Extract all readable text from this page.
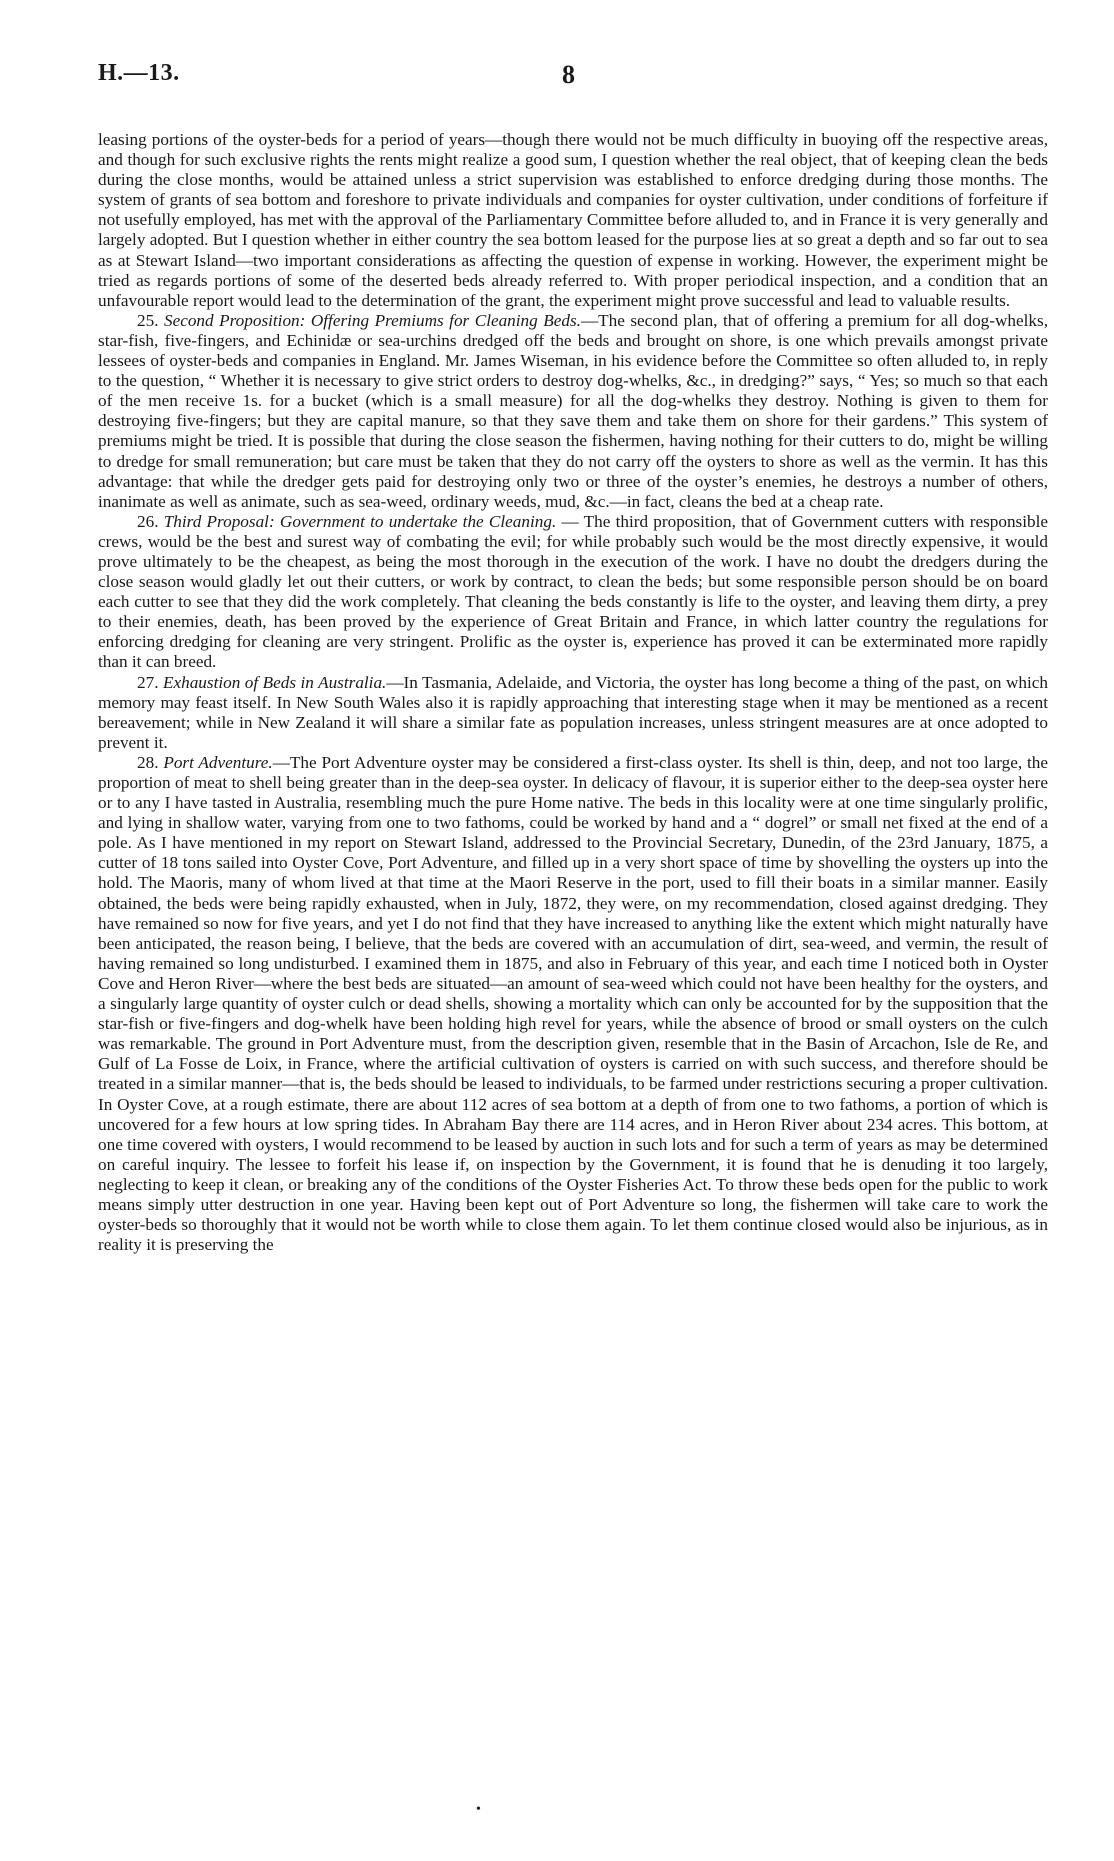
H.—13.	8

leasing portions of the oyster-beds for a period of years—though there would not be much difficulty in buoying off the respective areas, and though for such exclusive rights the rents might realize a good sum, I question whether the real object, that of keeping clean the beds during the close months, would be attained unless a strict supervision was established to enforce dredging during those months. The system of grants of sea bottom and foreshore to private individuals and companies for oyster cultivation, under conditions of forfeiture if not usefully employed, has met with the approval of the Parliamentary Committee before alluded to, and in France it is very generally and largely adopted. But I question whether in either country the sea bottom leased for the purpose lies at so great a depth and so far out to sea as at Stewart Island—two important considerations as affecting the question of expense in working. However, the experiment might be tried as regards portions of some of the deserted beds already referred to. With proper periodical inspection, and a condition that an unfavourable report would lead to the determination of the grant, the experiment might prove successful and lead to valuable results.

25. Second Proposition: Offering Premiums for Cleaning Beds.—The second plan, that of offering a premium for all dog-whelks, star-fish, five-fingers, and Echinidæ or sea-urchins dredged off the beds and brought on shore, is one which prevails amongst private lessees of oyster-beds and companies in England. Mr. James Wiseman, in his evidence before the Committee so often alluded to, in reply to the question, “ Whether it is necessary to give strict orders to destroy dog-whelks, &c., in dredging?” says, “ Yes; so much so that each of the men receive 1s. for a bucket (which is a small measure) for all the dog-whelks they destroy. Nothing is given to them for destroying five-fingers; but they are capital manure, so that they save them and take them on shore for their gardens.” This system of premiums might be tried. It is possible that during the close season the fishermen, having nothing for their cutters to do, might be willing to dredge for small remuneration; but care must be taken that they do not carry off the oysters to shore as well as the vermin. It has this advantage: that while the dredger gets paid for destroying only two or three of the oyster’s enemies, he destroys a number of others, inanimate as well as animate, such as sea-weed, ordinary weeds, mud, &c.—in fact, cleans the bed at a cheap rate.

26. Third Proposal: Government to undertake the Cleaning. — The third proposition, that of Government cutters with responsible crews, would be the best and surest way of combating the evil; for while probably such would be the most directly expensive, it would prove ultimately to be the cheapest, as being the most thorough in the execution of the work. I have no doubt the dredgers during the close season would gladly let out their cutters, or work by contract, to clean the beds; but some responsible person should be on board each cutter to see that they did the work completely. That cleaning the beds constantly is life to the oyster, and leaving them dirty, a prey to their enemies, death, has been proved by the experience of Great Britain and France, in which latter country the regulations for enforcing dredging for cleaning are very stringent. Prolific as the oyster is, experience has proved it can be exterminated more rapidly than it can breed.

27. Exhaustion of Beds in Australia.—In Tasmania, Adelaide, and Victoria, the oyster has long become a thing of the past, on which memory may feast itself. In New South Wales also it is rapidly approaching that interesting stage when it may be mentioned as a recent bereavement; while in New Zealand it will share a similar fate as population increases, unless stringent measures are at once adopted to prevent it.

28. Port Adventure.—The Port Adventure oyster may be considered a first-class oyster. Its shell is thin, deep, and not too large, the proportion of meat to shell being greater than in the deep-sea oyster. In delicacy of flavour, it is superior either to the deep-sea oyster here or to any I have tasted in Australia, resembling much the pure Home native. The beds in this locality were at one time singularly prolific, and lying in shallow water, varying from one to two fathoms, could be worked by hand and a “ dogrel” or small net fixed at the end of a pole. As I have mentioned in my report on Stewart Island, addressed to the Provincial Secretary, Dunedin, of the 23rd January, 1875, a cutter of 18 tons sailed into Oyster Cove, Port Adventure, and filled up in a very short space of time by shovelling the oysters up into the hold. The Maoris, many of whom lived at that time at the Maori Reserve in the port, used to fill their boats in a similar manner. Easily obtained, the beds were being rapidly exhausted, when in July, 1872, they were, on my recommendation, closed against dredging. They have remained so now for five years, and yet I do not find that they have increased to anything like the extent which might naturally have been anticipated, the reason being, I believe, that the beds are covered with an accumulation of dirt, sea-weed, and vermin, the result of having remained so long undisturbed. I examined them in 1875, and also in February of this year, and each time I noticed both in Oyster Cove and Heron River—where the best beds are situated—an amount of sea-weed which could not have been healthy for the oysters, and a singularly large quantity of oyster culch or dead shells, showing a mortality which can only be accounted for by the supposition that the star-fish or five-fingers and dog-whelk have been holding high revel for years, while the absence of brood or small oysters on the culch was remarkable. The ground in Port Adventure must, from the description given, resemble that in the Basin of Arcachon, Isle de Re, and Gulf of La Fosse de Loix, in France, where the artificial cultivation of oysters is carried on with such success, and therefore should be treated in a similar manner—that is, the beds should be leased to individuals, to be farmed under restrictions securing a proper cultivation. In Oyster Cove, at a rough estimate, there are about 112 acres of sea bottom at a depth of from one to two fathoms, a portion of which is uncovered for a few hours at low spring tides. In Abraham Bay there are 114 acres, and in Heron River about 234 acres. This bottom, at one time covered with oysters, I would recommend to be leased by auction in such lots and for such a term of years as may be determined on careful inquiry. The lessee to forfeit his lease if, on inspection by the Government, it is found that he is denuding it too largely, neglecting to keep it clean, or breaking any of the conditions of the Oyster Fisheries Act. To throw these beds open for the public to work means simply utter destruction in one year. Having been kept out of Port Adventure so long, the fishermen will take care to work the oyster-beds so thoroughly that it would not be worth while to close them again. To let them continue closed would also be injurious, as in reality it is preserving the

•
